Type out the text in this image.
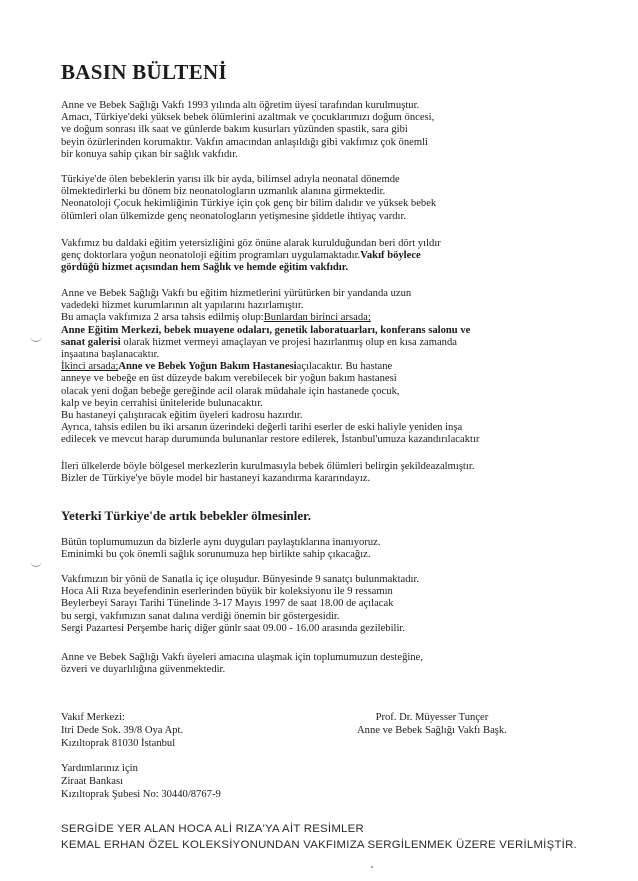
BASIN BÜLTENİ
Anne ve Bebek Sağlığı Vakfı 1993 yılında altı öğretim üyesi tarafından kurulmuştur.
Amacı, Türkiye'deki yüksek bebek ölümlerini azaltmak ve çocuklarımızı doğum öncesi,
ve doğum sonrası ilk saat ve günlerde bakım kusurları yüzünden spastik, sara gibi
beyin özürlerinden korumaktır. Vakfın amacından anlaşıldığı gibi vakfımız çok önemli
bir konuya sahip çıkan bir sağlık vakfıdır.
Türkiye'de ölen bebeklerin yarısı ilk bir ayda, bilimsel adıyla neonatal dönemde
ölmektedirlerki bu dönem biz neonatologların uzmanlık alanına girmektedir.
Neonatoloji Çocuk hekimliğinin Türkiye için çok genç bir bilim dalıdır ve yüksek bebek
ölümleri olan ülkemizde genç neonatologların yetişmesine şiddetle ihtiyaç vardır.
Vakfımız bu daldaki eğitim yetersizliğini göz önüne alarak kurulduğundan beri dört yıldır
genç doktorlara yoğun neonatoloji eğitim programları uygulamaktadır.Vakıf böylece
gördüğü hizmet açısından hem Sağlık ve hemde eğitim vakfıdır.
Anne ve Bebek Sağlığı Vakfı bu eğitim hizmetlerini yürütürken bir yandanda uzun
vadedeki hizmet kurumlarının alt yapılarını hazırlamıştır.
Bu amaçla vakfımıza 2 arsa tahsis edilmiş olup:Bunlardan birinci arsada;
Anne Eğitim Merkezi, bebek muayene odaları, genetik laboratuarları, konferans salonu ve
sanat galerisi olarak hizmet vermeyi amaçlayan ve projesi hazırlanmış olup en kısa zamanda
inşaatına başlanacaktır.
İkinci arsada;Anne ve Bebek Yoğun Bakım Hastanesiaçılacaktır. Bu hastane
anneye ve bebeğe en üst düzeyde bakım verebilecek bir yoğun bakım hastanesi
olacak yeni doğan bebeğe gereğinde acil olarak müdahale için hastanede çocuk,
kalp ve beyin cerrahisi üniteleride bulunacaktır.
Bu hastaneyi çalıştıracak eğitim üyeleri kadrosu hazırdır.
Ayrıca, tahsis edilen bu iki arsanın üzerindeki değerli tarihi eserler de eski haliyle yeniden inşa
edilecek ve mevcut harap durumunda bulunanlar restore edilerek, İstanbul'umuza kazandırılacaktır
İleri ülkelerde böyle bölgesel merkezlerin kurulmasıyla bebek ölümleri belirgin şekildeazalmıştır.
Bizler de Türkiye'ye böyle model bir hastaneyi kazandırma kararındayız.
Yeterki Türkiye'de artık bebekler ölmesinler.
Bütün toplumumuzun da bizlerle aynı duyguları paylaştıklarına inanıyoruz.
Eminimki bu çok önemli sağlık sorunumuza hep birlikte sahip çıkacağız.
Vakfımızın bir yönü de Sanatla iç içe oluşudur. Bünyesinde 9 sanatçı bulunmaktadır.
Hoca Ali Rıza beyefendinin eserlerinden büyük bir koleksiyonu ile 9 ressamın
Beylerbeyi Sarayı Tarihi Tünelinde 3-17 Mayıs 1997 de saat 18.00 de açılacak
bu sergi, vakfımızın sanat dalına verdiği önemin bir göstergesidir.
Sergi Pazartesi Perşembe hariç diğer günlr saat 09.00 - 16.00 arasında gezilebilir.
Anne ve Bebek Sağlığı Vakfı üyeleri amacına ulaşmak için toplumumuzun desteğine,
özveri ve duyarlılığına güvenmektedir.
Vakıf Merkezi:
Itri Dede Sok. 39/8 Oya Apt.
Kızıltoprak 81030 İstanbul
Prof. Dr. Müyesser Tunçer
Anne ve Bebek Sağlığı Vakfı Başk.
Yardımlarınız için
Ziraat Bankası
Kızıltoprak Şubesi No: 30440/8767-9
SERGİDE YER ALAN HOCA ALİ RIZA'YA AİT RESİMLER
KEMAL ERHAN ÖZEL KOLEKSİYONUNDAN VAKFIMIZA SERGİLENMEK ÜZERE VERİLMİŞTİR.
